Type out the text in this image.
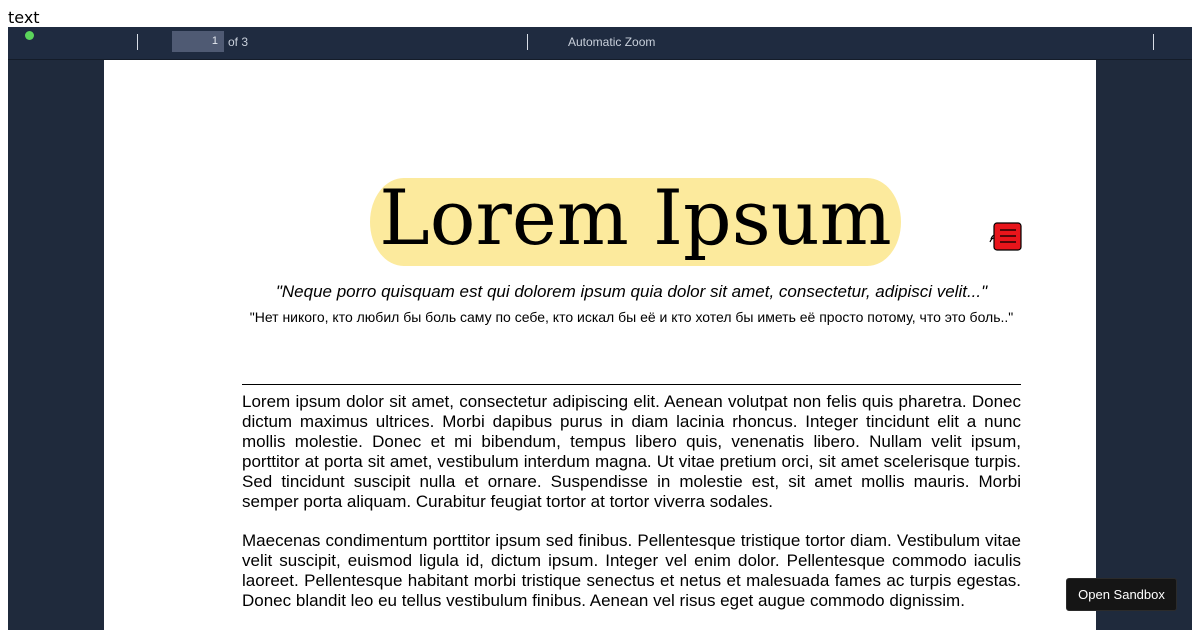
text
1
of 3	Automatic Zoom
Lorem Ipsum
"Neque porro quisquam est qui dolorem ipsum quia dolor sit amet, consectetur, adipisci velit..."
"Нет никого, кто любил бы боль саму по себе, кто искал бы её и кто хотел бы иметь её просто потому, что это боль.."
Lorem ipsum dolor sit amet, consectetur adipiscing elit. Aenean volutpat non felis quis pharetra. Donec dictum maximus ultrices. Morbi dapibus purus in diam lacinia rhoncus. Integer tincidunt elit a nunc mollis molestie. Donec et mi bibendum, tempus libero quis, venenatis libero. Nullam velit ipsum, porttitor at porta sit amet, vestibulum interdum magna. Ut vitae pretium orci, sit amet scelerisque turpis. Sed tincidunt suscipit nulla et ornare. Suspendisse in molestie est, sit amet mollis mauris. Morbi semper porta aliquam. Curabitur feugiat tortor at tortor viverra sodales.
Maecenas condimentum porttitor ipsum sed finibus. Pellentesque tristique tortor diam. Vestibulum vitae velit suscipit, euismod ligula id, dictum ipsum. Integer vel enim dolor. Pellentesque commodo iaculis laoreet. Pellentesque habitant morbi tristique senectus et netus et malesuada fames ac turpis egestas. Donec blandit leo eu tellus vestibulum finibus. Aenean vel risus eget augue commodo dignissim.	Open Sandbox
